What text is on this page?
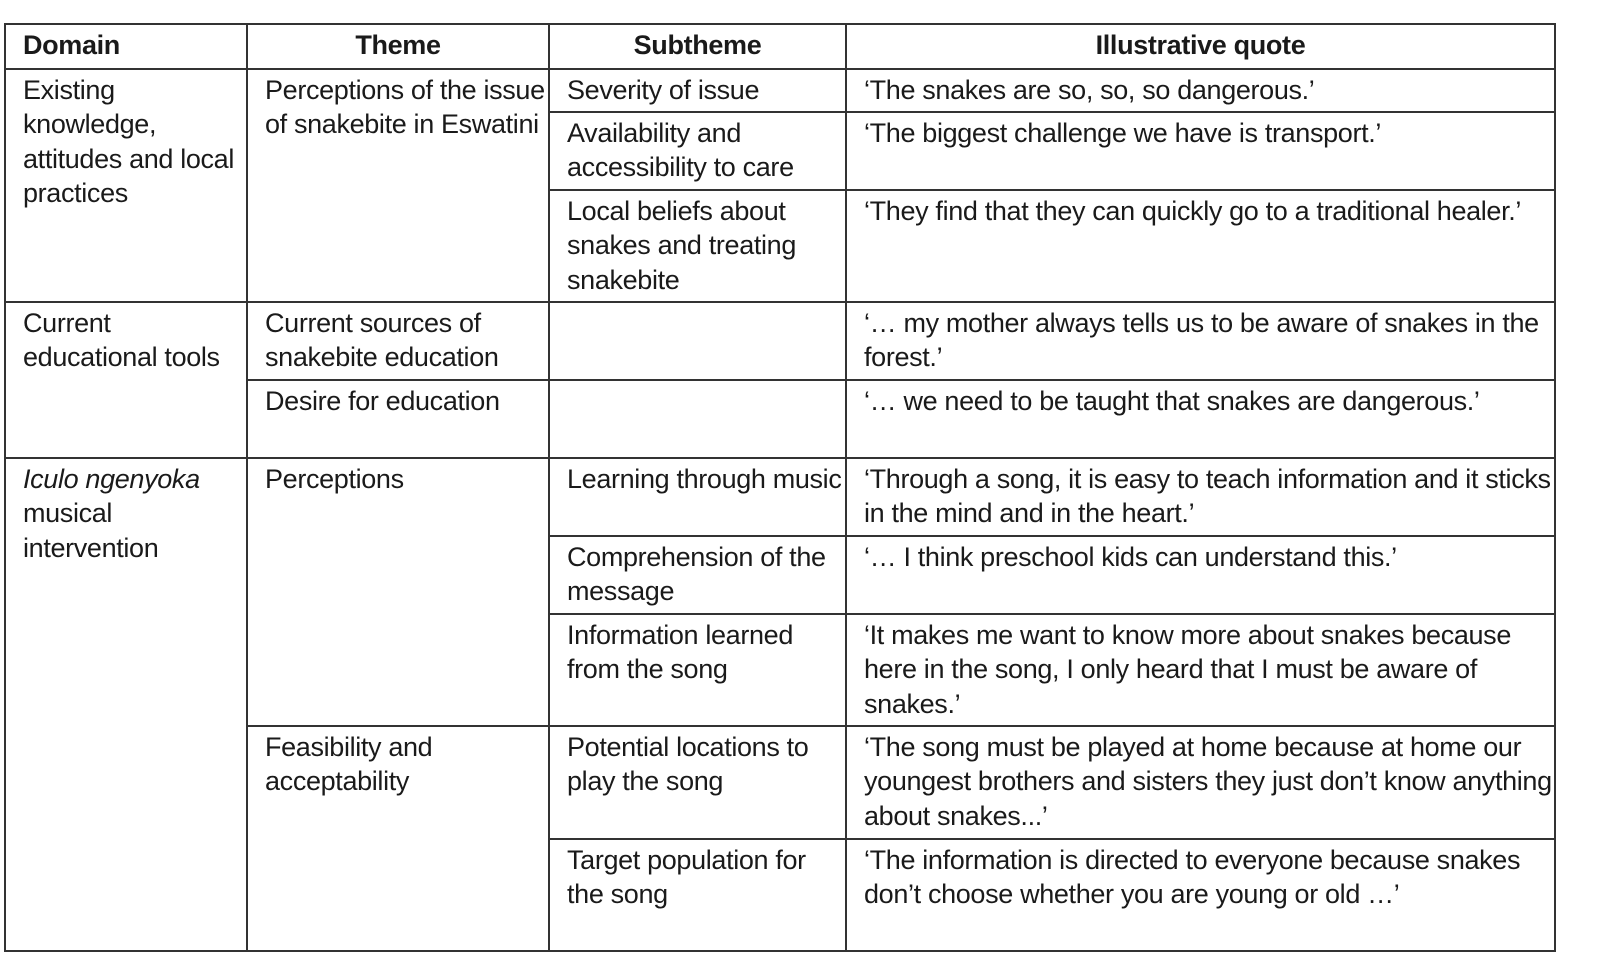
Domain	Theme	Subtheme	Illustrative quote
Existing knowledge, attitudes and local practices	Perceptions of the issue of snakebite in Eswatini	Severity of issue	‘The snakes are so, so, so dangerous.’
		Availability and accessibility to care	‘The biggest challenge we have is transport.’
		Local beliefs about snakes and treating snakebite	‘They find that they can quickly go to a traditional healer.’
Current educational tools	Current sources of snakebite education		‘… my mother always tells us to be aware of snakes in the forest.’
	Desire for education		‘… we need to be taught that snakes are dangerous.’
Iculo ngenyoka musical intervention	Perceptions	Learning through music	‘Through a song, it is easy to teach information and it sticks in the mind and in the heart.’
		Comprehension of the message	‘… I think preschool kids can understand this.’
		Information learned from the song	‘It makes me want to know more about snakes because here in the song, I only heard that I must be aware of snakes.’
	Feasibility and acceptability	Potential locations to play the song	‘The song must be played at home because at home our youngest brothers and sisters they just don’t know anything about snakes...’
		Target population for the song	‘The information is directed to everyone because snakes don’t choose whether you are young or old …’
